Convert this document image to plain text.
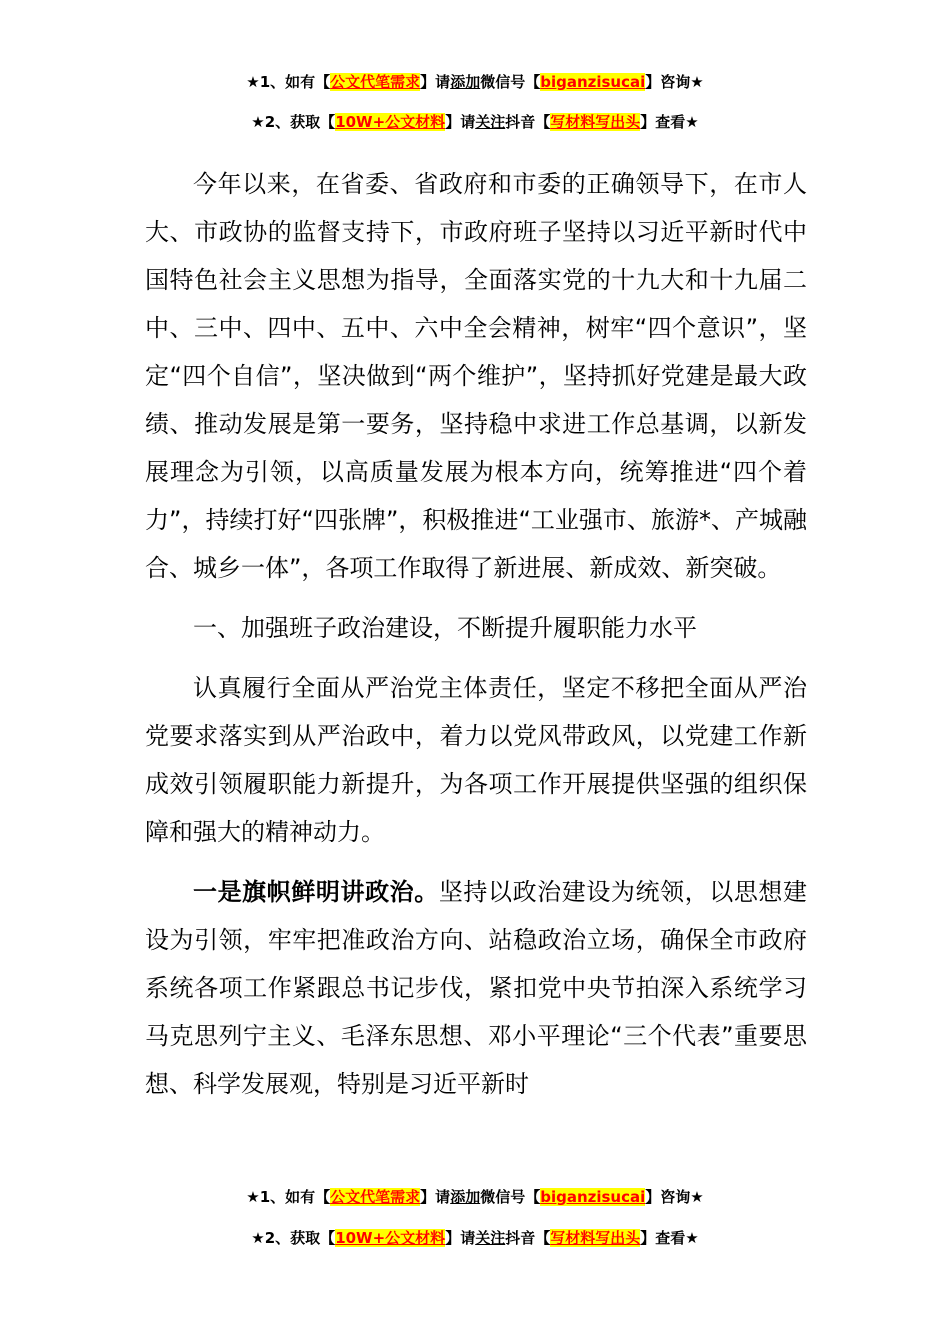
★1、如有【公文代笔需求】请添加微信号【biganzisucai】咨询★
★2、获取【10W+公文材料】请关注抖音【写材料写出头】查看★

今年以来，在省委、省政府和市委的正确领导下，在市人大、市政协的监督支持下，市政府班子坚持以习近平新时代中国特色社会主义思想为指导，全面落实党的十九大和十九届二中、三中、四中、五中、六中全会精神，树牢“四个意识”，坚定“四个自信”，坚决做到“两个维护”，坚持抓好党建是最大政绩、推动发展是第一要务，坚持稳中求进工作总基调，以新发展理念为引领，以高质量发展为根本方向，统筹推进“四个着力”，持续打好“四张牌”，积极推进“工业强市、旅游*、产城融合、城乡一体”，各项工作取得了新进展、新成效、新突破。

一、加强班子政治建设，不断提升履职能力水平

认真履行全面从严治党主体责任，坚定不移把全面从严治党要求落实到从严治政中，着力以党风带政风，以党建工作新成效引领履职能力新提升，为各项工作开展提供坚强的组织保障和强大的精神动力。

一是旗帜鲜明讲政治。坚持以政治建设为统领，以思想建设为引领，牢牢把准政治方向、站稳政治立场，确保全市政府系统各项工作紧跟总书记步伐，紧扣党中央节拍深入系统学习马克思列宁主义、毛泽东思想、邓小平理论“三个代表”重要思想、科学发展观，特别是习近平新时

★1、如有【公文代笔需求】请添加微信号【biganzisucai】咨询★
★2、获取【10W+公文材料】请关注抖音【写材料写出头】查看★
